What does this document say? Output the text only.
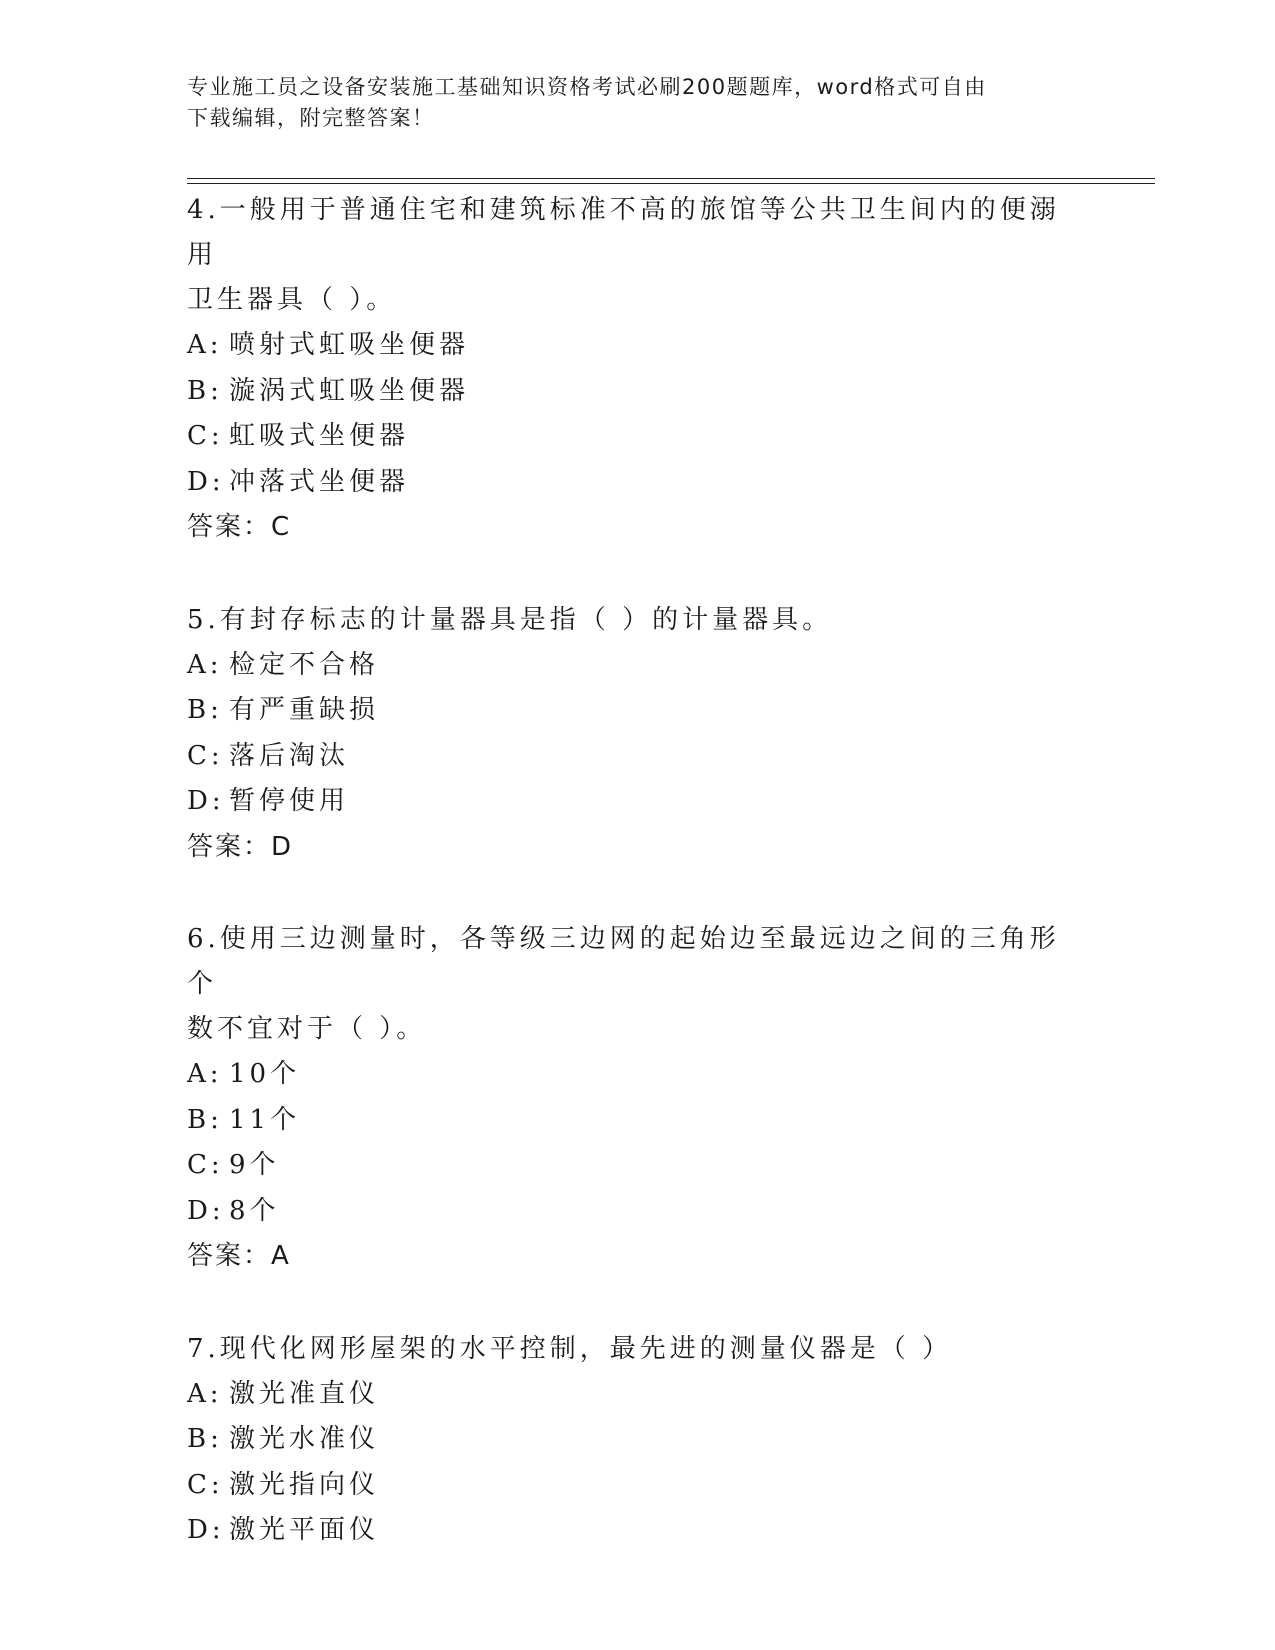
专业施工员之设备安装施工基础知识资格考试必刷200题题库，word格式可自由
下载编辑，附完整答案！
4.一般用于普通住宅和建筑标准不高的旅馆等公共卫生间内的便溺用
卫生器具（ ）。
A: 喷射式虹吸坐便器
B: 漩涡式虹吸坐便器
C: 虹吸式坐便器
D: 冲落式坐便器
答案：C
5.有封存标志的计量器具是指（ ）的计量器具。
A: 检定不合格
B: 有严重缺损
C: 落后淘汰
D: 暂停使用
答案：D
6.使用三边测量时，各等级三边网的起始边至最远边之间的三角形个
数不宜对于（ ）。
A: 10个
B: 11个
C: 9个
D: 8个
答案：A
7.现代化网形屋架的水平控制，最先进的测量仪器是（ ）
A: 激光准直仪
B: 激光水准仪
C: 激光指向仪
D: 激光平面仪
